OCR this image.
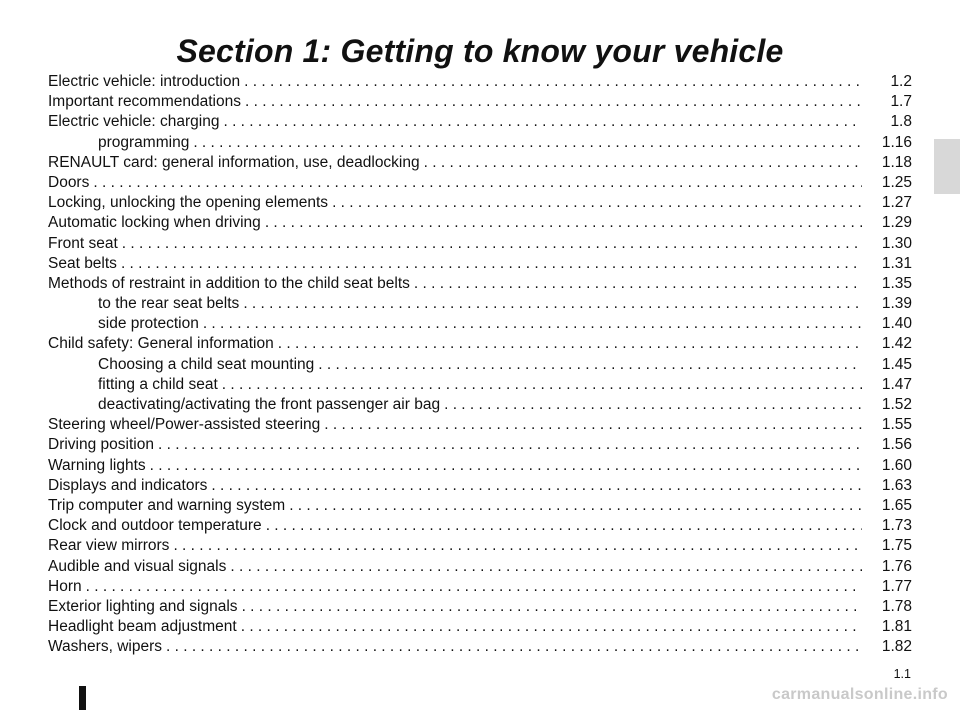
Section 1: Getting to know your vehicle
Electric vehicle: introduction . . .	1.2
Important recommendations . . .	1.7
Electric vehicle: charging . . .	1.8
programming . . .	1.16
RENAULT card: general information, use, deadlocking . . .	1.18
Doors . . .	1.25
Locking, unlocking the opening elements . . .	1.27
Automatic locking when driving . . .	1.29
Front seat . . .	1.30
Seat belts . . .	1.31
Methods of restraint in addition to the child seat belts . . .	1.35
to the rear seat belts . . .	1.39
side protection . . .	1.40
Child safety: General information . . .	1.42
Choosing a child seat mounting . . .	1.45
fitting a child seat . . .	1.47
deactivating/activating the front passenger air bag . . .	1.52
Steering wheel/Power-assisted steering . . .	1.55
Driving position . . .	1.56
Warning lights . . .	1.60
Displays and indicators . . .	1.63
Trip computer and warning system . . .	1.65
Clock and outdoor temperature . . .	1.73
Rear view mirrors . . .	1.75
Audible and visual signals . . .	1.76
Horn . . .	1.77
Exterior lighting and signals . . .	1.78
Headlight beam adjustment . . .	1.81
Washers, wipers . . .	1.82
1.1
carmanualsonline.info
